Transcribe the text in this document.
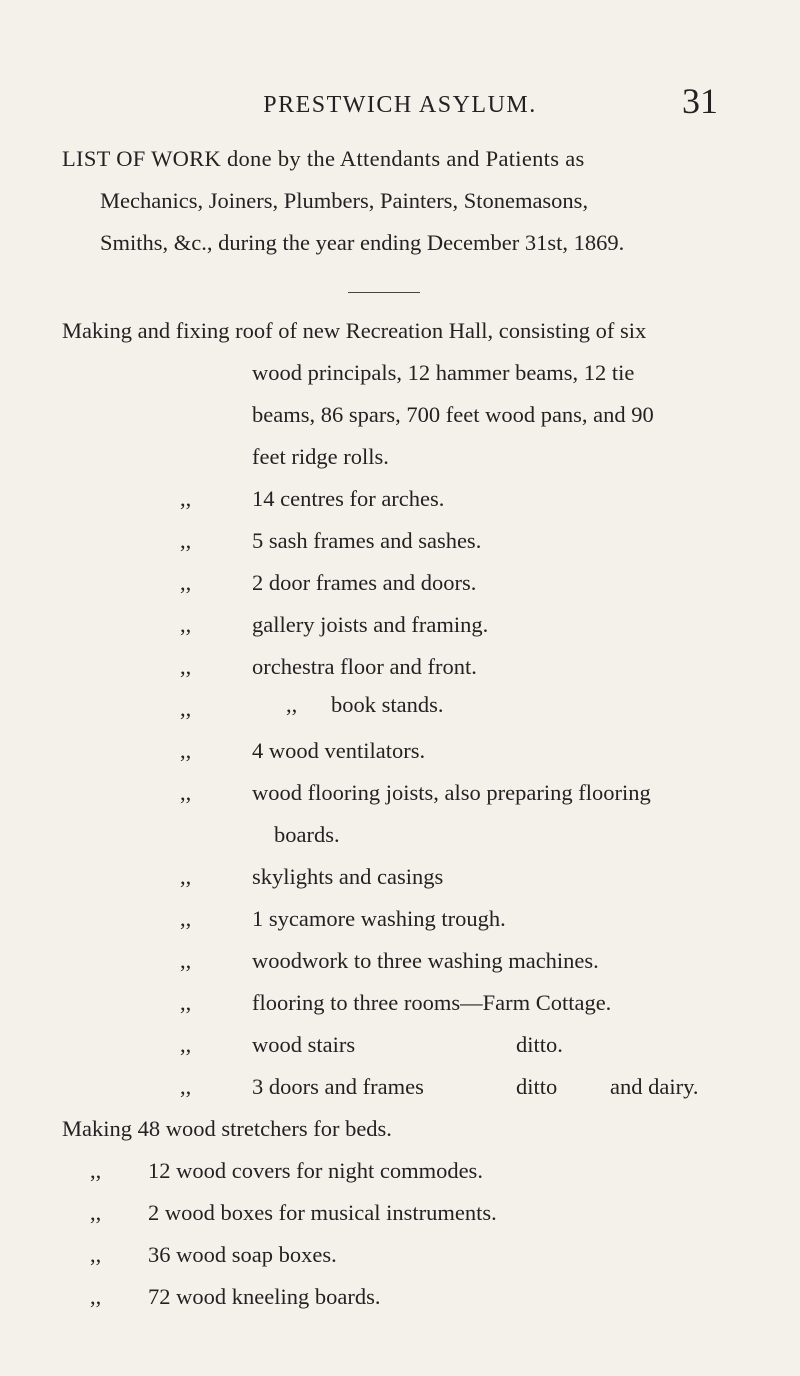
PRESTWICH ASYLUM.	31
LIST OF WORK done by the Attendants and Patients as
Mechanics, Joiners, Plumbers, Painters, Stonemasons,
Smiths, &c., during the year ending December 31st, 1869.
Making and fixing roof of new Recreation Hall, consisting of six
wood principals, 12 hammer beams, 12 tie
beams, 86 spars, 700 feet wood pans, and 90
feet ridge rolls.
,,	14 centres for arches.
,,	5 sash frames and sashes.
,,	2 door frames and doors.
,,	gallery joists and framing.
,,	orchestra floor and front.
,,	,,      book stands.
,,	4 wood ventilators.
,,	wood flooring joists, also preparing flooring
boards.
,,	skylights and casings
,,	1 sycamore washing trough.
,,	woodwork to three washing machines.
,,	flooring to three rooms—Farm Cottage.
,,	wood stairs	ditto.
,,	3 doors and frames	ditto and dairy.
Making 48 wood stretchers for beds.
,, 12 wood covers for night commodes.
,, 2 wood boxes for musical instruments.
,, 36 wood soap boxes.
,, 72 wood kneeling boards.
